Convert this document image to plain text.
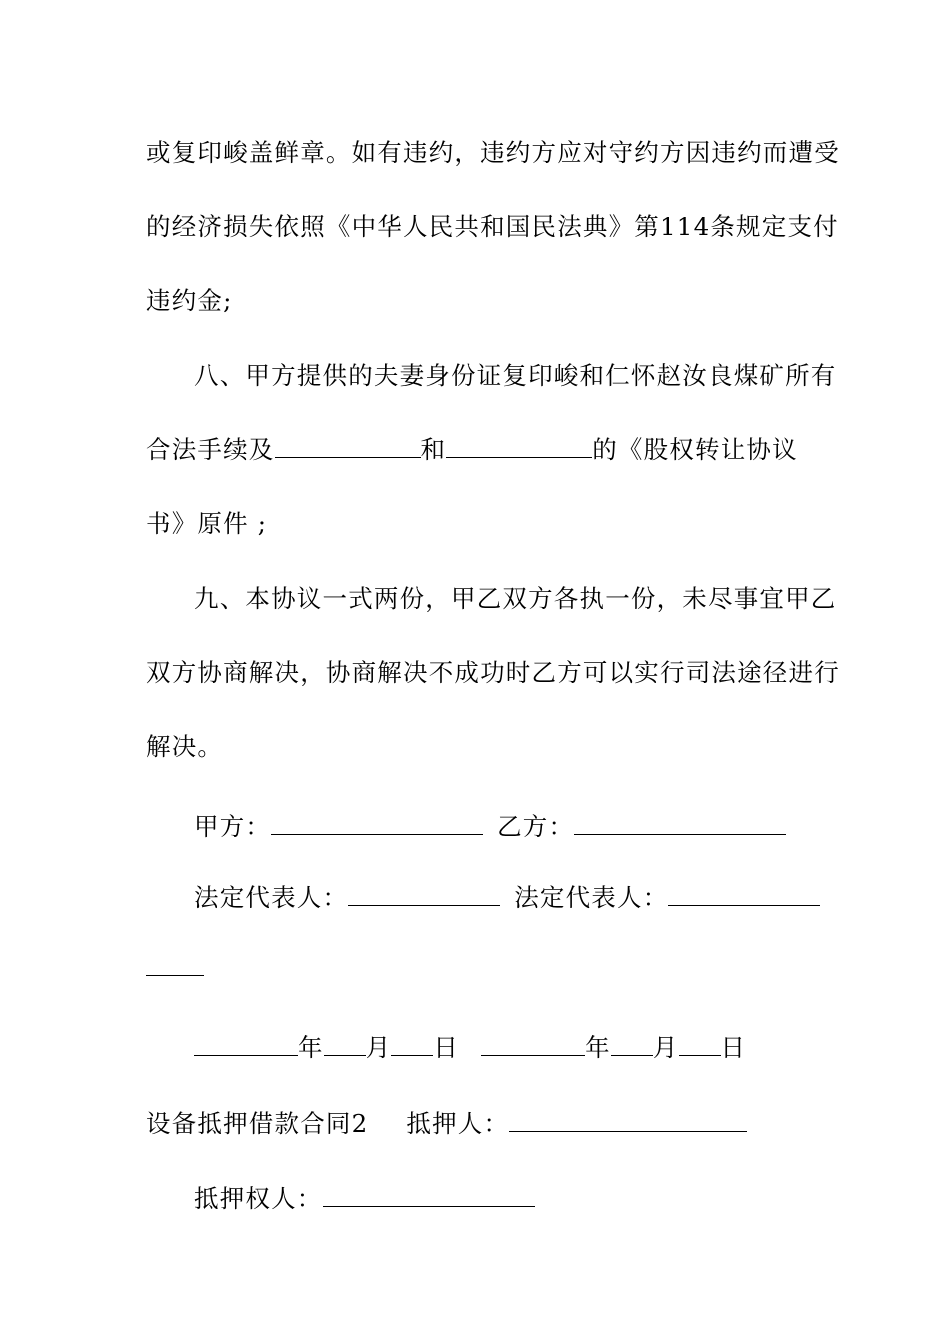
或复印峻盖鲜章。如有违约，违约方应对守约方因违约而遭受
的经济损失依照《中华人民共和国民法典》第114条规定支付
违约金;
八、甲方提供的夫妻身份证复印峻和仁怀赵汝良煤矿所有
合法手续及	和	的《股权转让协议
书》原件 ;
九、本协议一式两份，甲乙双方各执一份，未尽事宜甲乙
双方协商解决，协商解决不成功时乙方可以实行司法途径进行
解决。
甲方：	乙方：
法定代表人：	法定代表人：
年 月 日	年 月 日
设备抵押借款合同2 抵押人：
抵押权人：
